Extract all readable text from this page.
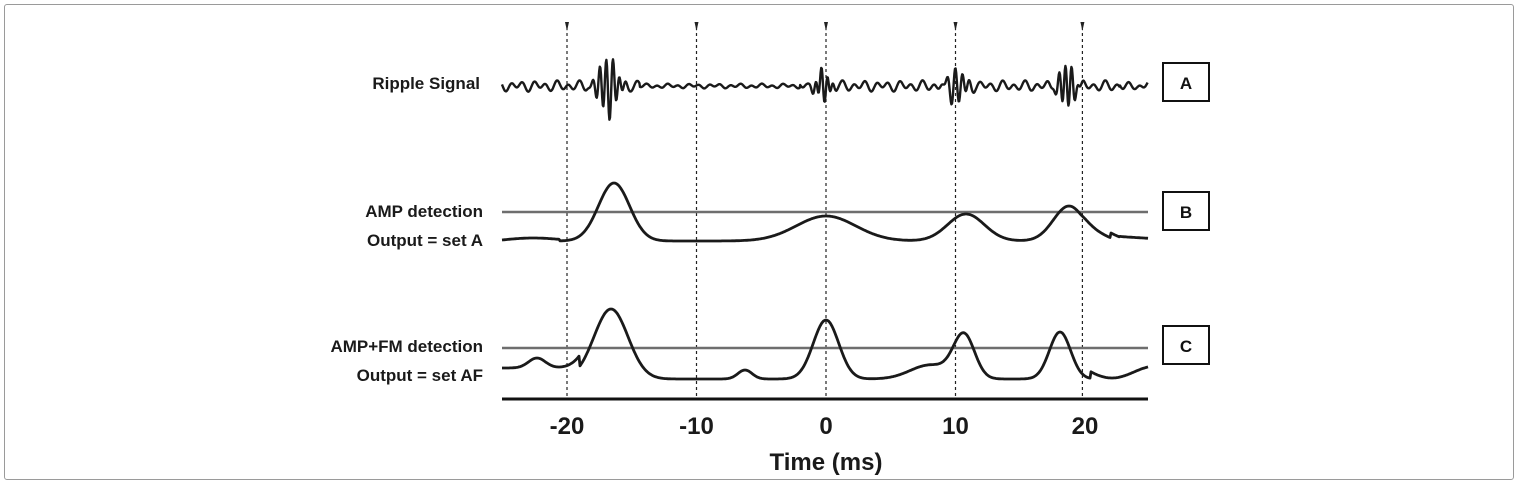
Ripple Signal	A
AMP detection
Output = set A
B
AMP+FM detection
Output = set AF
C
-20	-10	0	10	20
Time (ms)
